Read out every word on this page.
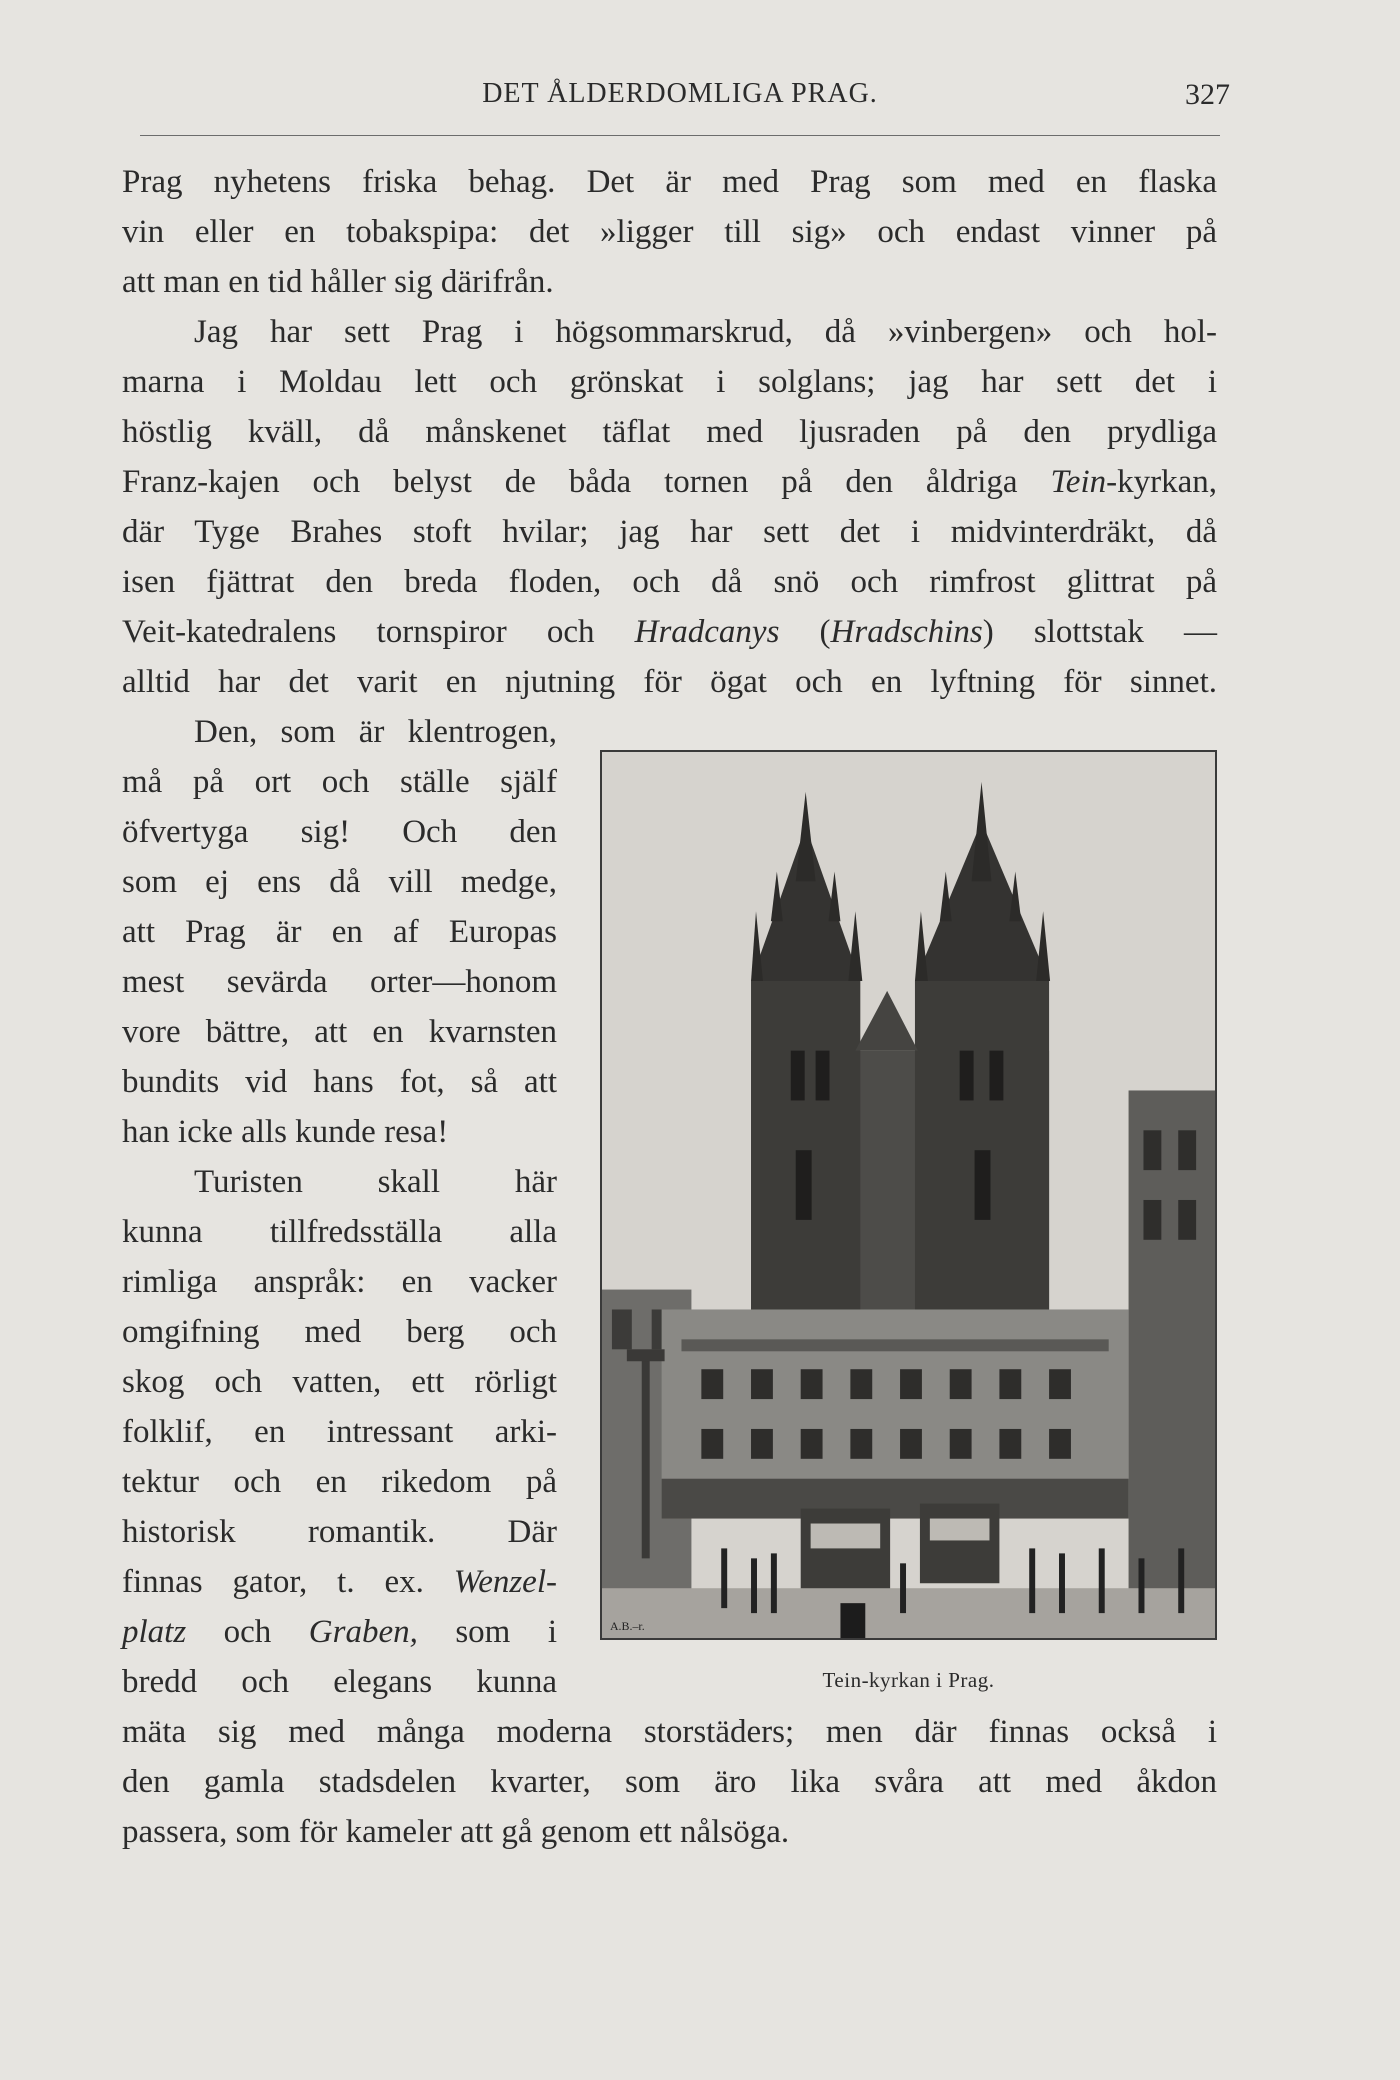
DET ÅLDERDOMLIGA PRAG.	327
Prag nyhetens friska behag. Det är med Prag som med en flaska
vin eller en tobakspipa: det »ligger till sig» och endast vinner på
att man en tid håller sig därifrån.
Jag har sett Prag i högsommarskrud, då »vinbergen» och hol-
marna i Moldau lett och grönskat i solglans; jag har sett det i
höstlig kväll, då månskenet täflat med ljusraden på den prydliga
Franz-kajen och belyst de båda tornen på den åldriga Tein-kyrkan,
där Tyge Brahes stoft hvilar; jag har sett det i midvinterdräkt, då
isen fjättrat den breda floden, och då snö och rimfrost glittrat på
Veit-katedralens tornspiror och Hradcanys (Hradschins) slottstak —
alltid har det varit en njutning för ögat och en lyftning för sinnet.
Den, som är klentrogen,
må på ort och ställe själf
öfvertyga sig! Och den
som ej ens då vill medge,
att Prag är en af Europas
mest sevärda orter—honom
vore bättre, att en kvarnsten
bundits vid hans fot, så att
han icke alls kunde resa!
Turisten skall här
kunna tillfredsställa alla
rimliga anspråk: en vacker
omgifning med berg och
skog och vatten, ett rörligt
folklif, en intressant arki-
tektur och en rikedom på
historisk romantik. Där
finnas gator, t. ex. Wenzel-
platz och Graben, som i
bredd och elegans kunna
mäta sig med många moderna storstäders; men där finnas också i
den gamla stadsdelen kvarter, som äro lika svåra att med åkdon
passera, som för kameler att gå genom ett nålsöga.
A.B.–r.
Tein-kyrkan i Prag.
